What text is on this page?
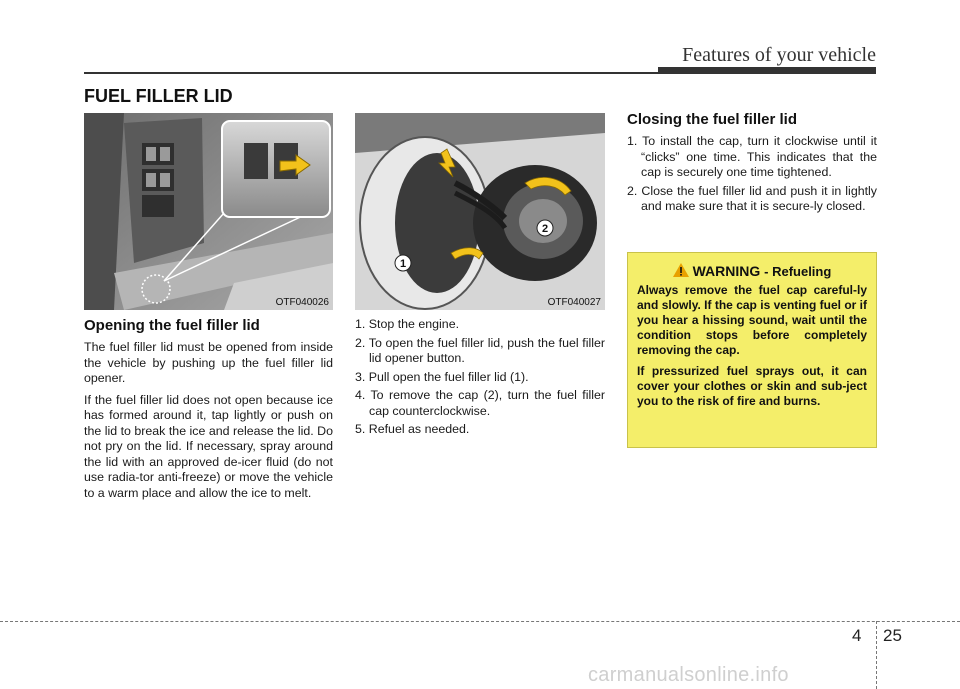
Features of your vehicle
FUEL FILLER LID
OTF040026
1
2
OTF040027
Opening the fuel filler lid

The fuel filler lid must be opened from inside the vehicle by pushing up the fuel filler lid opener.

If the fuel filler lid does not open because ice has formed around it, tap lightly or push on the lid to break the ice and release the lid. Do not pry on the lid. If necessary, spray around the lid with an approved de-icer fluid (do not use radia-tor anti-freeze) or move the vehicle to a warm place and allow the ice to melt.

1. Stop the engine.
2. To open the fuel filler lid, push the fuel filler lid opener button.
3. Pull open the fuel filler lid (1).
4. To remove the cap (2), turn the fuel filler cap counterclockwise.
5. Refuel as needed.
Closing the fuel filler lid
1. To install the cap, turn it clockwise until it “clicks” one time. This indicates that the cap is securely one time tightened.
2. Close the fuel filler lid and push it in lightly and make sure that it is secure-ly closed.
WARNING - Refueling

Always remove the fuel cap careful-ly and slowly. If the cap is venting fuel or if you hear a hissing sound, wait until the condition stops before completely removing the cap.

If pressurized fuel sprays out, it can cover your clothes or skin and sub-ject you to the risk of fire and burns.

4 25
carmanualsonline.info
